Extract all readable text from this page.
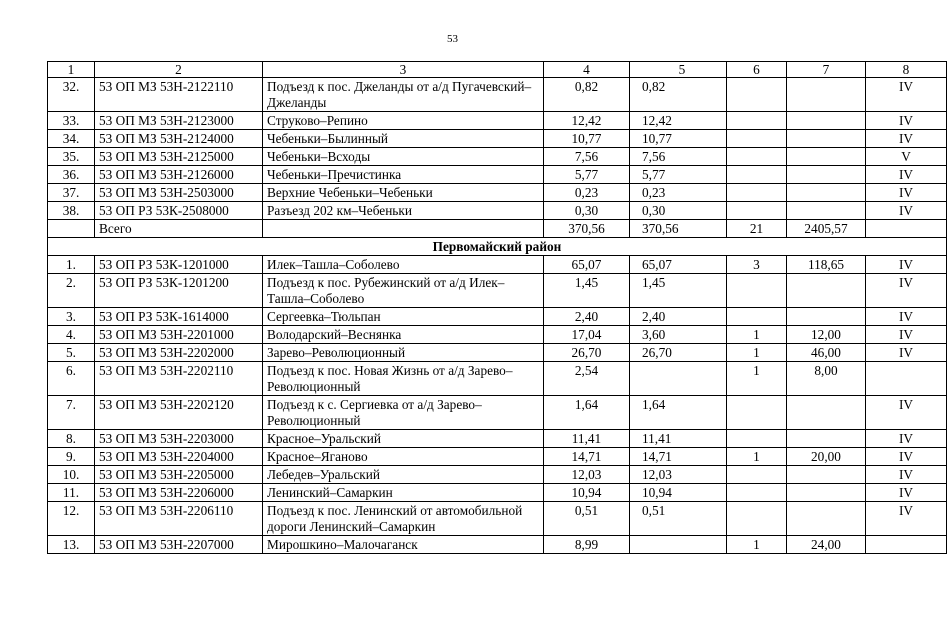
53
1	2	3	4	5	6	7	8
32.	53 ОП МЗ 53Н-2122110	Подъезд к пос. Джеланды от а/д Пугачевский–Джеланды	0,82	0,82			IV
33.	53 ОП МЗ 53Н-2123000	Струково–Репино	12,42	12,42			IV
34.	53 ОП МЗ 53Н-2124000	Чебеньки–Былинный	10,77	10,77			IV
35.	53 ОП МЗ 53Н-2125000	Чебеньки–Всходы	7,56	7,56			V
36.	53 ОП МЗ 53Н-2126000	Чебеньки–Пречистинка	5,77	5,77			IV
37.	53 ОП МЗ 53Н-2503000	Верхние Чебеньки–Чебеньки	0,23	0,23			IV
38.	53 ОП РЗ 53К-2508000	Разъезд 202 км–Чебеньки	0,30	0,30			IV
	Всего		370,56	370,56	21	2405,57	
Первомайский район							
1.	53 ОП РЗ 53К-1201000	Илек–Ташла–Соболево	65,07	65,07	3	118,65	IV
2.	53 ОП РЗ 53К-1201200	Подъезд к пос. Рубежинский от а/д Илек–Ташла–Соболево	1,45	1,45			IV
3.	53 ОП РЗ 53К-1614000	Сергеевка–Тюльпан	2,40	2,40			IV
4.	53 ОП МЗ 53Н-2201000	Володарский–Веснянка	17,04	3,60	1	12,00	IV
5.	53 ОП МЗ 53Н-2202000	Зарево–Революционный	26,70	26,70	1	46,00	IV
6.	53 ОП МЗ 53Н-2202110	Подъезд к пос. Новая Жизнь от а/д Зарево–Революционный	2,54		1	8,00	
7.	53 ОП МЗ 53Н-2202120	Подъезд к с. Сергиевка от а/д Зарево–Революционный	1,64	1,64			IV
8.	53 ОП МЗ 53Н-2203000	Красное–Уральский	11,41	11,41			IV
9.	53 ОП МЗ 53Н-2204000	Красное–Яганово	14,71	14,71	1	20,00	IV
10.	53 ОП МЗ 53Н-2205000	Лебедев–Уральский	12,03	12,03			IV
11.	53 ОП МЗ 53Н-2206000	Ленинский–Самаркин	10,94	10,94			IV
12.	53 ОП МЗ 53Н-2206110	Подъезд к пос. Ленинский от автомобильной дороги Ленинский–Самаркин	0,51	0,51			IV
13.	53 ОП МЗ 53Н-2207000	Мирошкино–Малочаганск	8,99		1	24,00	
